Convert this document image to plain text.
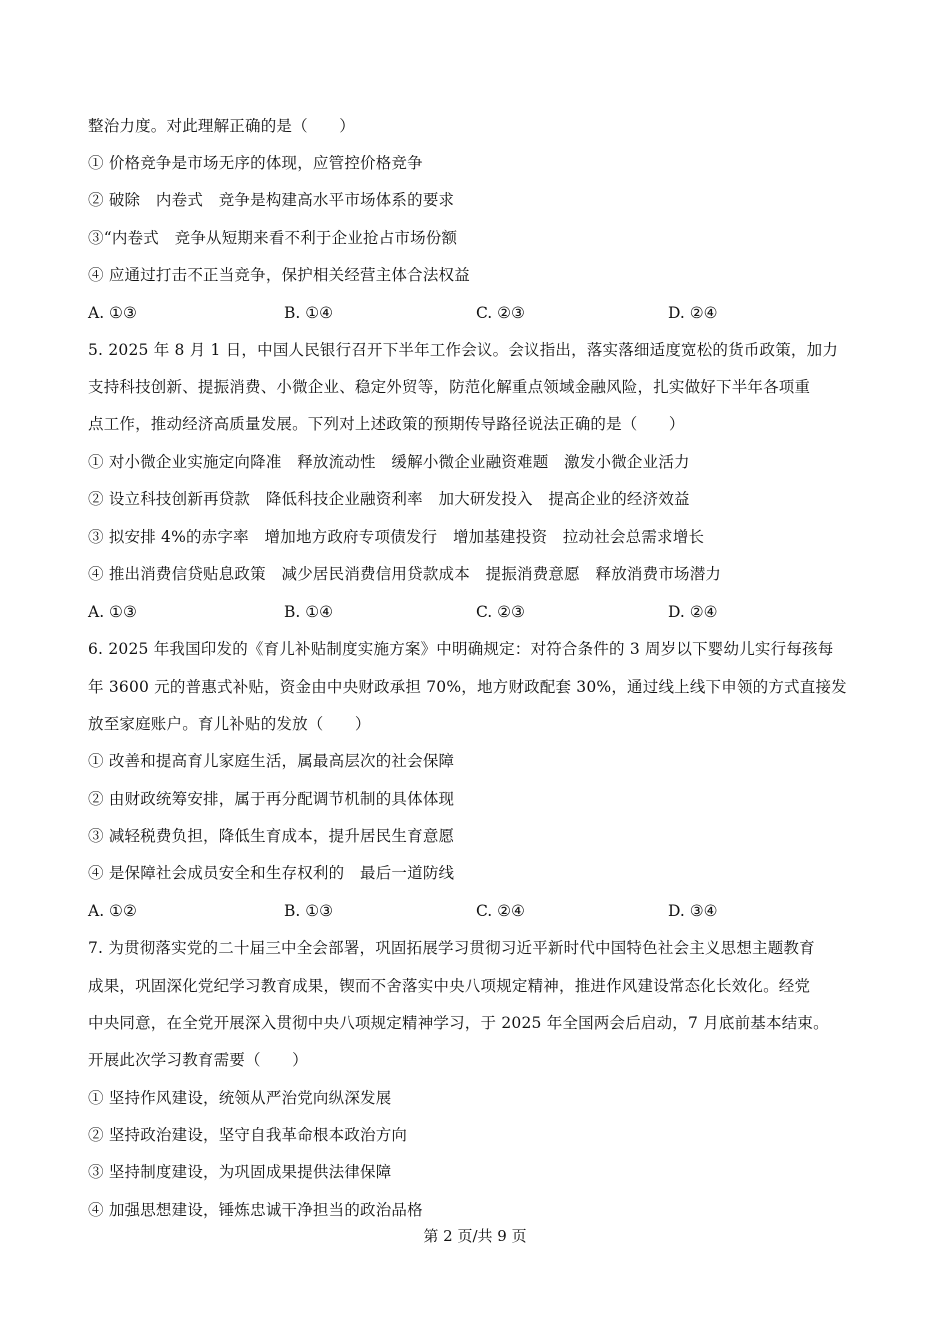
整治力度。对此理解正确的是（　　）
① 价格竞争是市场无序的体现，应管控价格竞争
② 破除　内卷式　竞争是构建高水平市场体系的要求
③“内卷式　竞争从短期来看不利于企业抢占市场份额
④ 应通过打击不正当竞争，保护相关经营主体合法权益
A. ①③	B. ①④	C. ②③	D. ②④
5. 2025 年 8 月 1 日，中国人民银行召开下半年工作会议。会议指出，落实落细适度宽松的货币政策，加力
支持科技创新、提振消费、小微企业、稳定外贸等，防范化解重点领域金融风险，扎实做好下半年各项重
点工作，推动经济高质量发展。下列对上述政策的预期传导路径说法正确的是（　　）
① 对小微企业实施定向降准　释放流动性　缓解小微企业融资难题　激发小微企业活力
② 设立科技创新再贷款　降低科技企业融资利率　加大研发投入　提高企业的经济效益
③ 拟安排 4%的赤字率　增加地方政府专项债发行　增加基建投资　拉动社会总需求增长
④ 推出消费信贷贴息政策　减少居民消费信用贷款成本　提振消费意愿　释放消费市场潜力
A. ①③	B. ①④	C. ②③	D. ②④
6. 2025 年我国印发的《育儿补贴制度实施方案》中明确规定：对符合条件的 3 周岁以下婴幼儿实行每孩每
年 3600 元的普惠式补贴，资金由中央财政承担 70%，地方财政配套 30%，通过线上线下申领的方式直接发
放至家庭账户。育儿补贴的发放（　　）
① 改善和提高育儿家庭生活，属最高层次的社会保障
② 由财政统筹安排，属于再分配调节机制的具体体现
③ 减轻税费负担，降低生育成本，提升居民生育意愿
④ 是保障社会成员安全和生存权利的　最后一道防线
A. ①②	B. ①③	C. ②④	D. ③④
7. 为贯彻落实党的二十届三中全会部署，巩固拓展学习贯彻习近平新时代中国特色社会主义思想主题教育
成果，巩固深化党纪学习教育成果，锲而不舍落实中央八项规定精神，推进作风建设常态化长效化。经党
中央同意，在全党开展深入贯彻中央八项规定精神学习，于 2025 年全国两会后启动，7 月底前基本结束。
开展此次学习教育需要（　　）
① 坚持作风建设，统领从严治党向纵深发展
② 坚持政治建设，坚守自我革命根本政治方向
③ 坚持制度建设，为巩固成果提供法律保障
④ 加强思想建设，锤炼忠诚干净担当的政治品格
第 2 页/共 9 页
